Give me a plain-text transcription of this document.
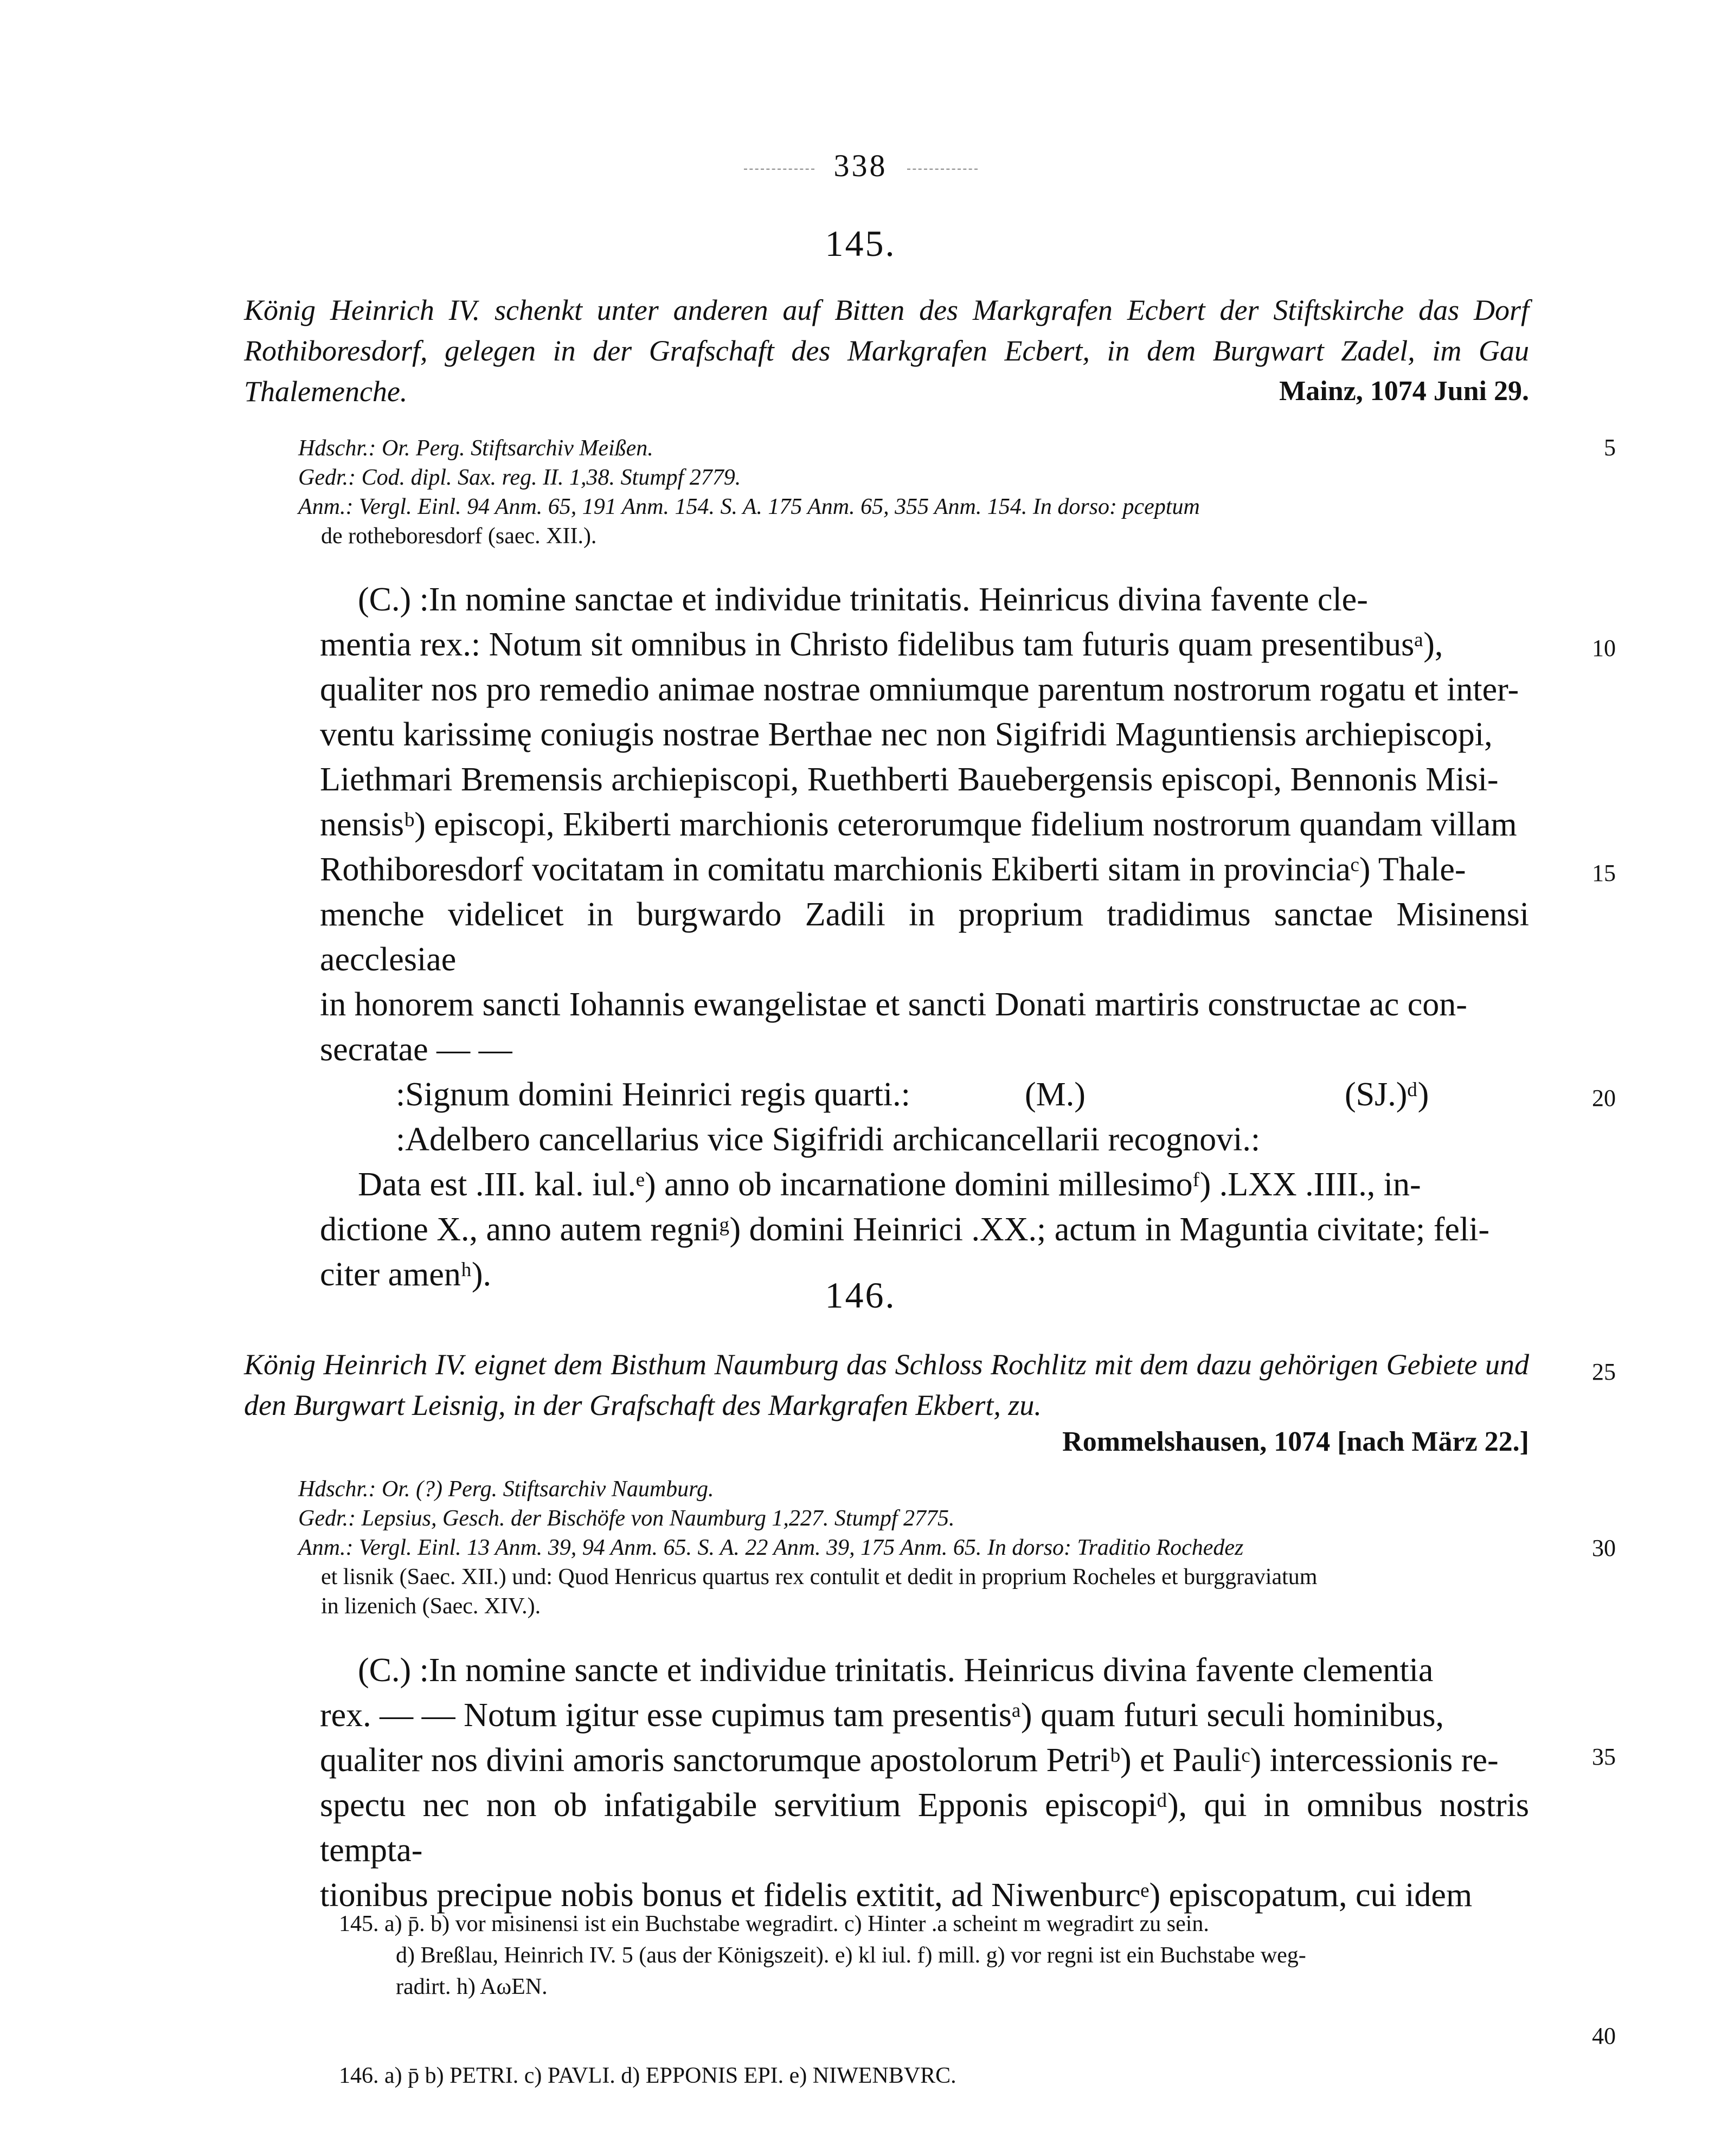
338
145.
König Heinrich IV. schenkt unter anderen auf Bitten des Markgrafen Ecbert der Stiftskirche das Dorf Rothiboresdorf, gelegen in der Grafschaft des Markgrafen Ecbert, in dem Burgwart Zadel, im Gau Thalemenche.	Mainz, 1074 Juni 29.
Hdschr.: Or. Perg. Stiftsarchiv Meißen.
Gedr.: Cod. dipl. Sax. reg. II. 1,38. Stumpf 2779.
Anm.: Vergl. Einl. 94 Anm. 65, 191 Anm. 154. S. A. 175 Anm. 65, 355 Anm. 154. In dorso: pceptum
de rotheboresdorf (saec. XII.).
(C.) :In nomine sanctae et individue trinitatis. Heinricus divina favente cle-
mentia rex.: Notum sit omnibus in Christo fidelibus tam futuris quam presentibusᵃ),
qualiter nos pro remedio animae nostrae omniumque parentum nostrorum rogatu et inter-
ventu karissimę coniugis nostrae Berthae nec non Sigifridi Maguntiensis archiepiscopi,
Liethmari Bremensis archiepiscopi, Ruethberti Bauebergensis episcopi, Bennonis Misi-
nensisᵇ) episcopi, Ekiberti marchionis ceterorumque fidelium nostrorum quandam villam
Rothiboresdorf vocitatam in comitatu marchionis Ekiberti sitam in provinciaᶜ) Thale-
menche videlicet in burgwardo Zadili in proprium tradidimus sanctae Misinensi aecclesiae
in honorem sancti Iohannis ewangelistae et sancti Donati martiris constructae ac con-
secratae — —
:Signum domini Heinrici regis quarti.:	(M.)	(SJ.)ᵈ)
:Adelbero cancellarius vice Sigifridi archicancellarii recognovi.:
Data est .III. kal. iul.ᵉ) anno ob incarnatione domini millesimoᶠ) .LXX .IIII., in-
dictione X., anno autem regniᵍ) domini Heinrici .XX.; actum in Maguntia civitate; feli-
citer amenʰ).	146.
König Heinrich IV. eignet dem Bisthum Naumburg das Schloss Rochlitz mit dem dazu gehörigen Gebiete und den Burgwart Leisnig, in der Grafschaft des Markgrafen Ekbert, zu.
Rommelshausen, 1074 [nach März 22.]
Hdschr.: Or. (?) Perg. Stiftsarchiv Naumburg.
Gedr.: Lepsius, Gesch. der Bischöfe von Naumburg 1,227. Stumpf 2775.
Anm.: Vergl. Einl. 13 Anm. 39, 94 Anm. 65. S. A. 22 Anm. 39, 175 Anm. 65. In dorso: Traditio Rochedez
et lisnik (Saec. XII.) und: Quod Henricus quartus rex contulit et dedit in proprium Rocheles et burggraviatum
in lizenich (Saec. XIV.).
(C.) :In nomine sancte et individue trinitatis. Heinricus divina favente clementia
rex. — — Notum igitur esse cupimus tam presentisᵃ) quam futuri seculi hominibus,
qualiter nos divini amoris sanctorumque apostolorum Petriᵇ) et Pauliᶜ) intercessionis re-
spectu nec non ob infatigabile servitium Epponis episcopiᵈ), qui in omnibus nostris tempta-
tionibus precipue nobis bonus et fidelis extitit, ad Niwenburcᵉ) episcopatum, cui idem
5
10
15
20
25
30
35
40
145. a) p̄. b) vor misinensi ist ein Buchstabe wegradirt. c) Hinter .a scheint m wegradirt zu sein.
d) Breßlau, Heinrich IV. 5 (aus der Königszeit). e) kl iul. f) mill. g) vor regni ist ein Buchstabe weg-
radirt. h) AωEN.
146. a) p̄ b) PETRI. c) PAVLI. d) EPPONIS EPI. e) NIWENBVRC.
